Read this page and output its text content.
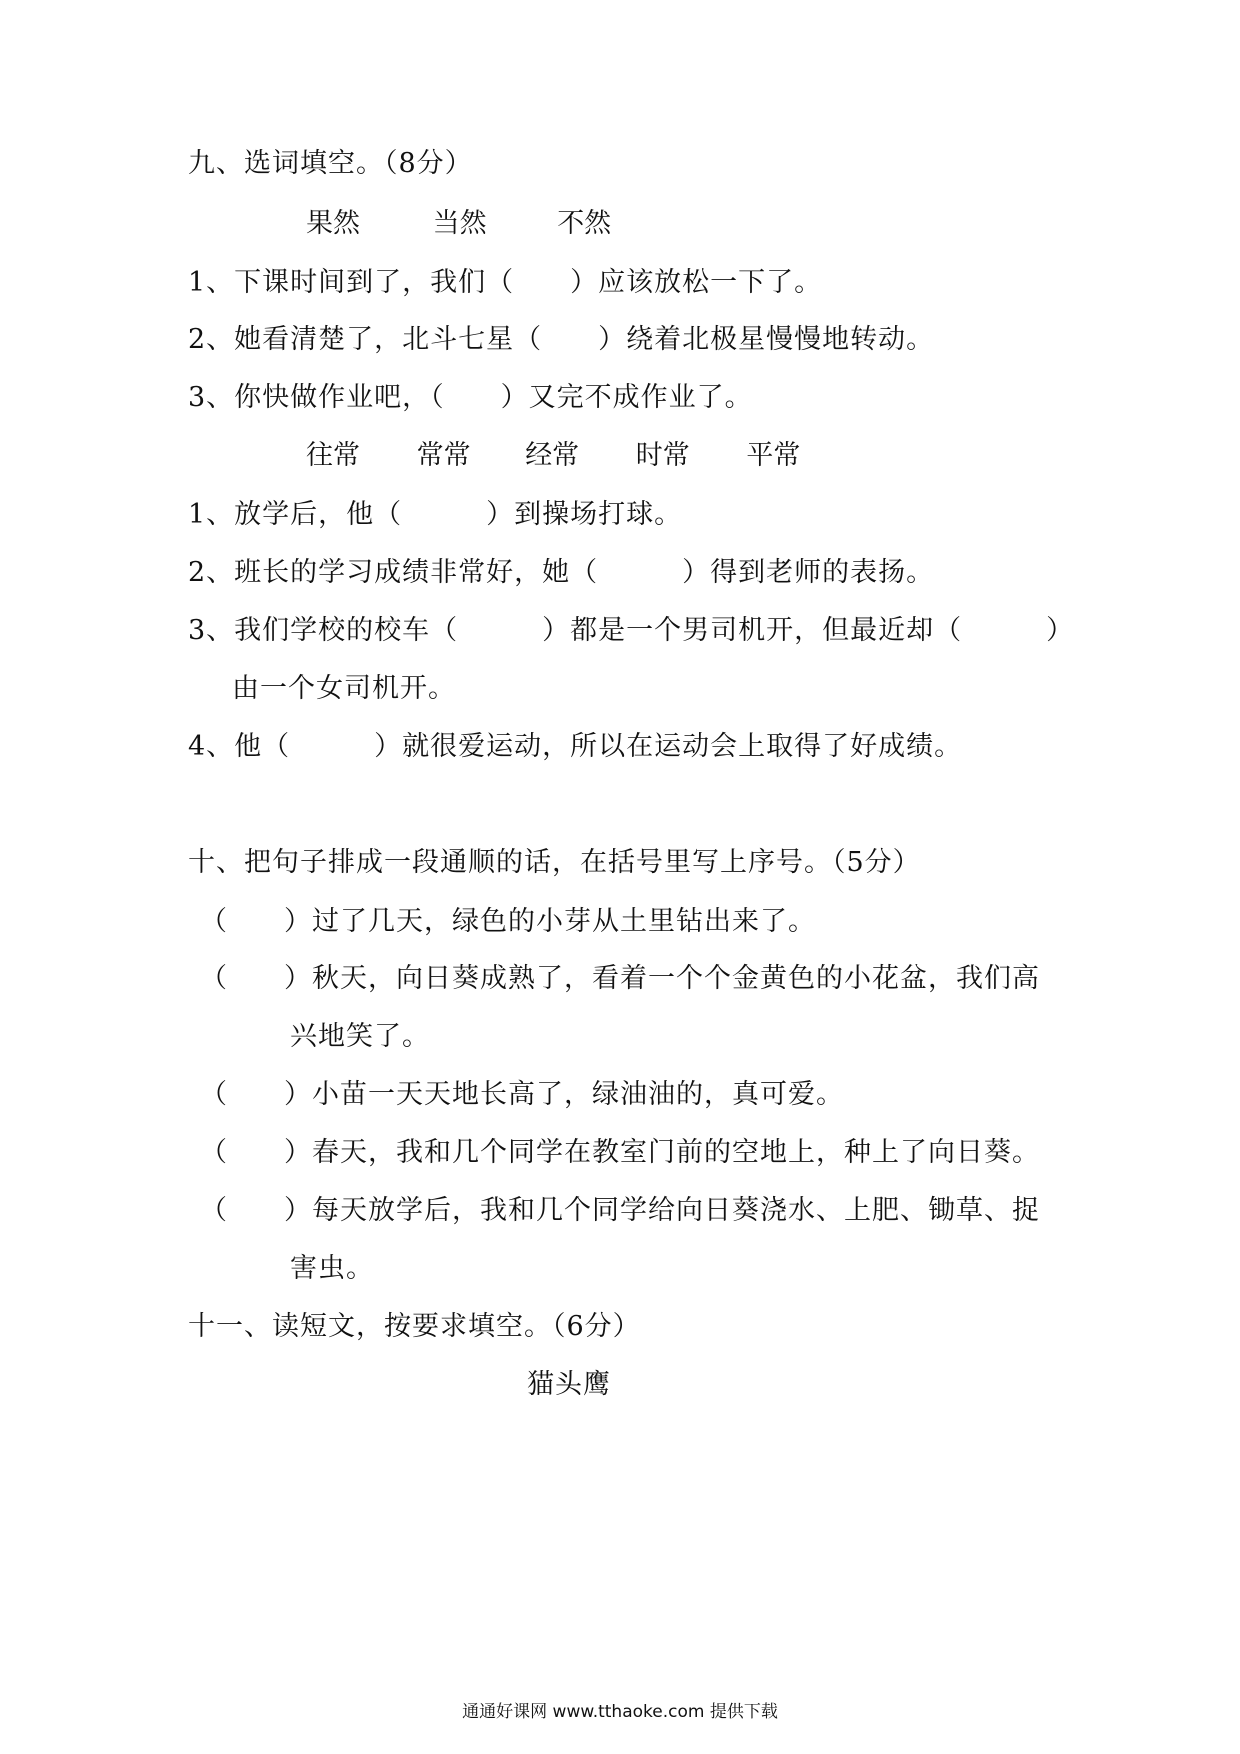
九、选词填空。（8分）
果然	当然	不然
1、下课时间到了，我们（　　）应该放松一下了。
2、她看清楚了，北斗七星（　　）绕着北极星慢慢地转动。
3、你快做作业吧，（　　）又完不成作业了。
往常 常常 经常 时常 平常
1、放学后，他（　　　）到操场打球。
2、班长的学习成绩非常好，她（　　　）得到老师的表扬。
3、我们学校的校车（　　　）都是一个男司机开，但最近却（　　　）
由一个女司机开。
4、他（　　　）就很爱运动，所以在运动会上取得了好成绩。
十、把句子排成一段通顺的话，在括号里写上序号。（5分）
（　　）过了几天，绿色的小芽从土里钻出来了。
（　　）秋天，向日葵成熟了，看着一个个金黄色的小花盆，我们高
兴地笑了。
（　　）小苗一天天地长高了，绿油油的，真可爱。
（　　）春天，我和几个同学在教室门前的空地上，种上了向日葵。
（　　）每天放学后，我和几个同学给向日葵浇水、上肥、锄草、捉
害虫。
十一、读短文，按要求填空。（6分）
猫头鹰
通通好课网 www.tthaoke.com 提供下载
